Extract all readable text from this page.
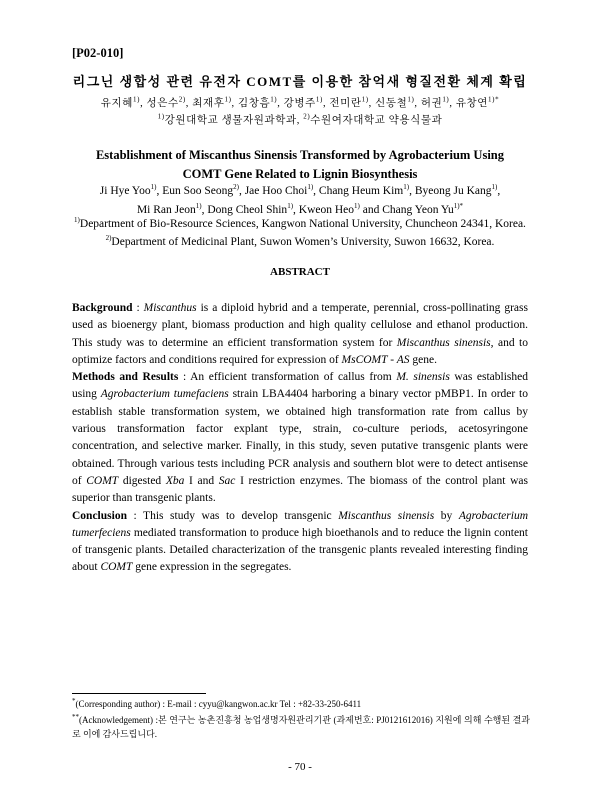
[P02-010]
리그닌 생합성 관련 유전자 COMT를 이용한 참억새 형질전환 체계 확립
유지혜$^{1)}$, 성은수$^{2)}$, 최재후$^{1)}$, 김창흠$^{1)}$, 강병주$^{1)}$, 전미란$^{1)}$, 신동철$^{1)}$, 허권$^{1)}$, 유창연$^{1)*}$
$^{1)}$강원대학교 생물자원과학과, $^{2)}$수원여자대학교 약용식물과
Establishment of Miscanthus Sinensis Transformed by Agrobacterium Using
COMT Gene Related to Lignin Biosynthesis
Ji Hye Yoo$^{1)}$, Eun Soo Seong$^{2)}$, Jae Hoo Choi$^{1)}$, Chang Heum Kim$^{1)}$, Byeong Ju Kang$^{1)}$,
Mi Ran Jeon$^{1)}$, Dong Cheol Shin$^{1)}$, Kweon Heo$^{1)}$ and Chang Yeon $Yu^{1)*}$
$^{1)}$Department of Bio-Resource Sciences, Kangwon National University, Chuncheon 24341, Korea.
$^{2)}$Department of Medicinal Plant, Suwon Women’s University, Suwon 16632, Korea.
ABSTRACT

Background : Miscanthus is a diploid hybrid and a temperate, perennial, cross-pollinating grass used as bioenergy plant, biomass production and high quality cellulose and ethanol production. This study was to determine an efficient transformation system for Miscanthus sinensis, and to optimize factors and conditions required for expression of MsCOMT - AS gene.

Methods and Results : An efficient transformation of callus from M. sinensis was established using Agrobacterium tumefaciens strain LBA4404 harboring a binary vector pMBP1. In order to establish stable transformation system, we obtained high transformation rate from callus by various transformation factor explant type, strain, co-culture periods, acetosyringone concentration, and selective marker. Finally, in this study, seven putative transgenic plants were obtained. Through various tests including PCR analysis and southern blot were to detect antisense of COMT digested Xba I and Sac I restriction enzymes. The biomass of the control plant was superior than transgenic plants.

Conclusion : This study was to develop transgenic Miscanthus sinensis by Agrobacterium tumerfeciens mediated transformation to produce high bioethanols and to reduce the lignin content of transgenic plants. Detailed characterization of the transgenic plants revealed interesting finding about COMT gene expression in the segregates.

*(Corresponding author) : E-mail : cyyu@kangwon.ac.kr Tel : +82-33-250-6411
**(Acknowledgement) :본 연구는 농촌진흥청 농업생명자원관리기관 (과제번호: PJ0121612016) 지원에 의해 수행된 결과로 이에 감사드립니다.
- 70 -
